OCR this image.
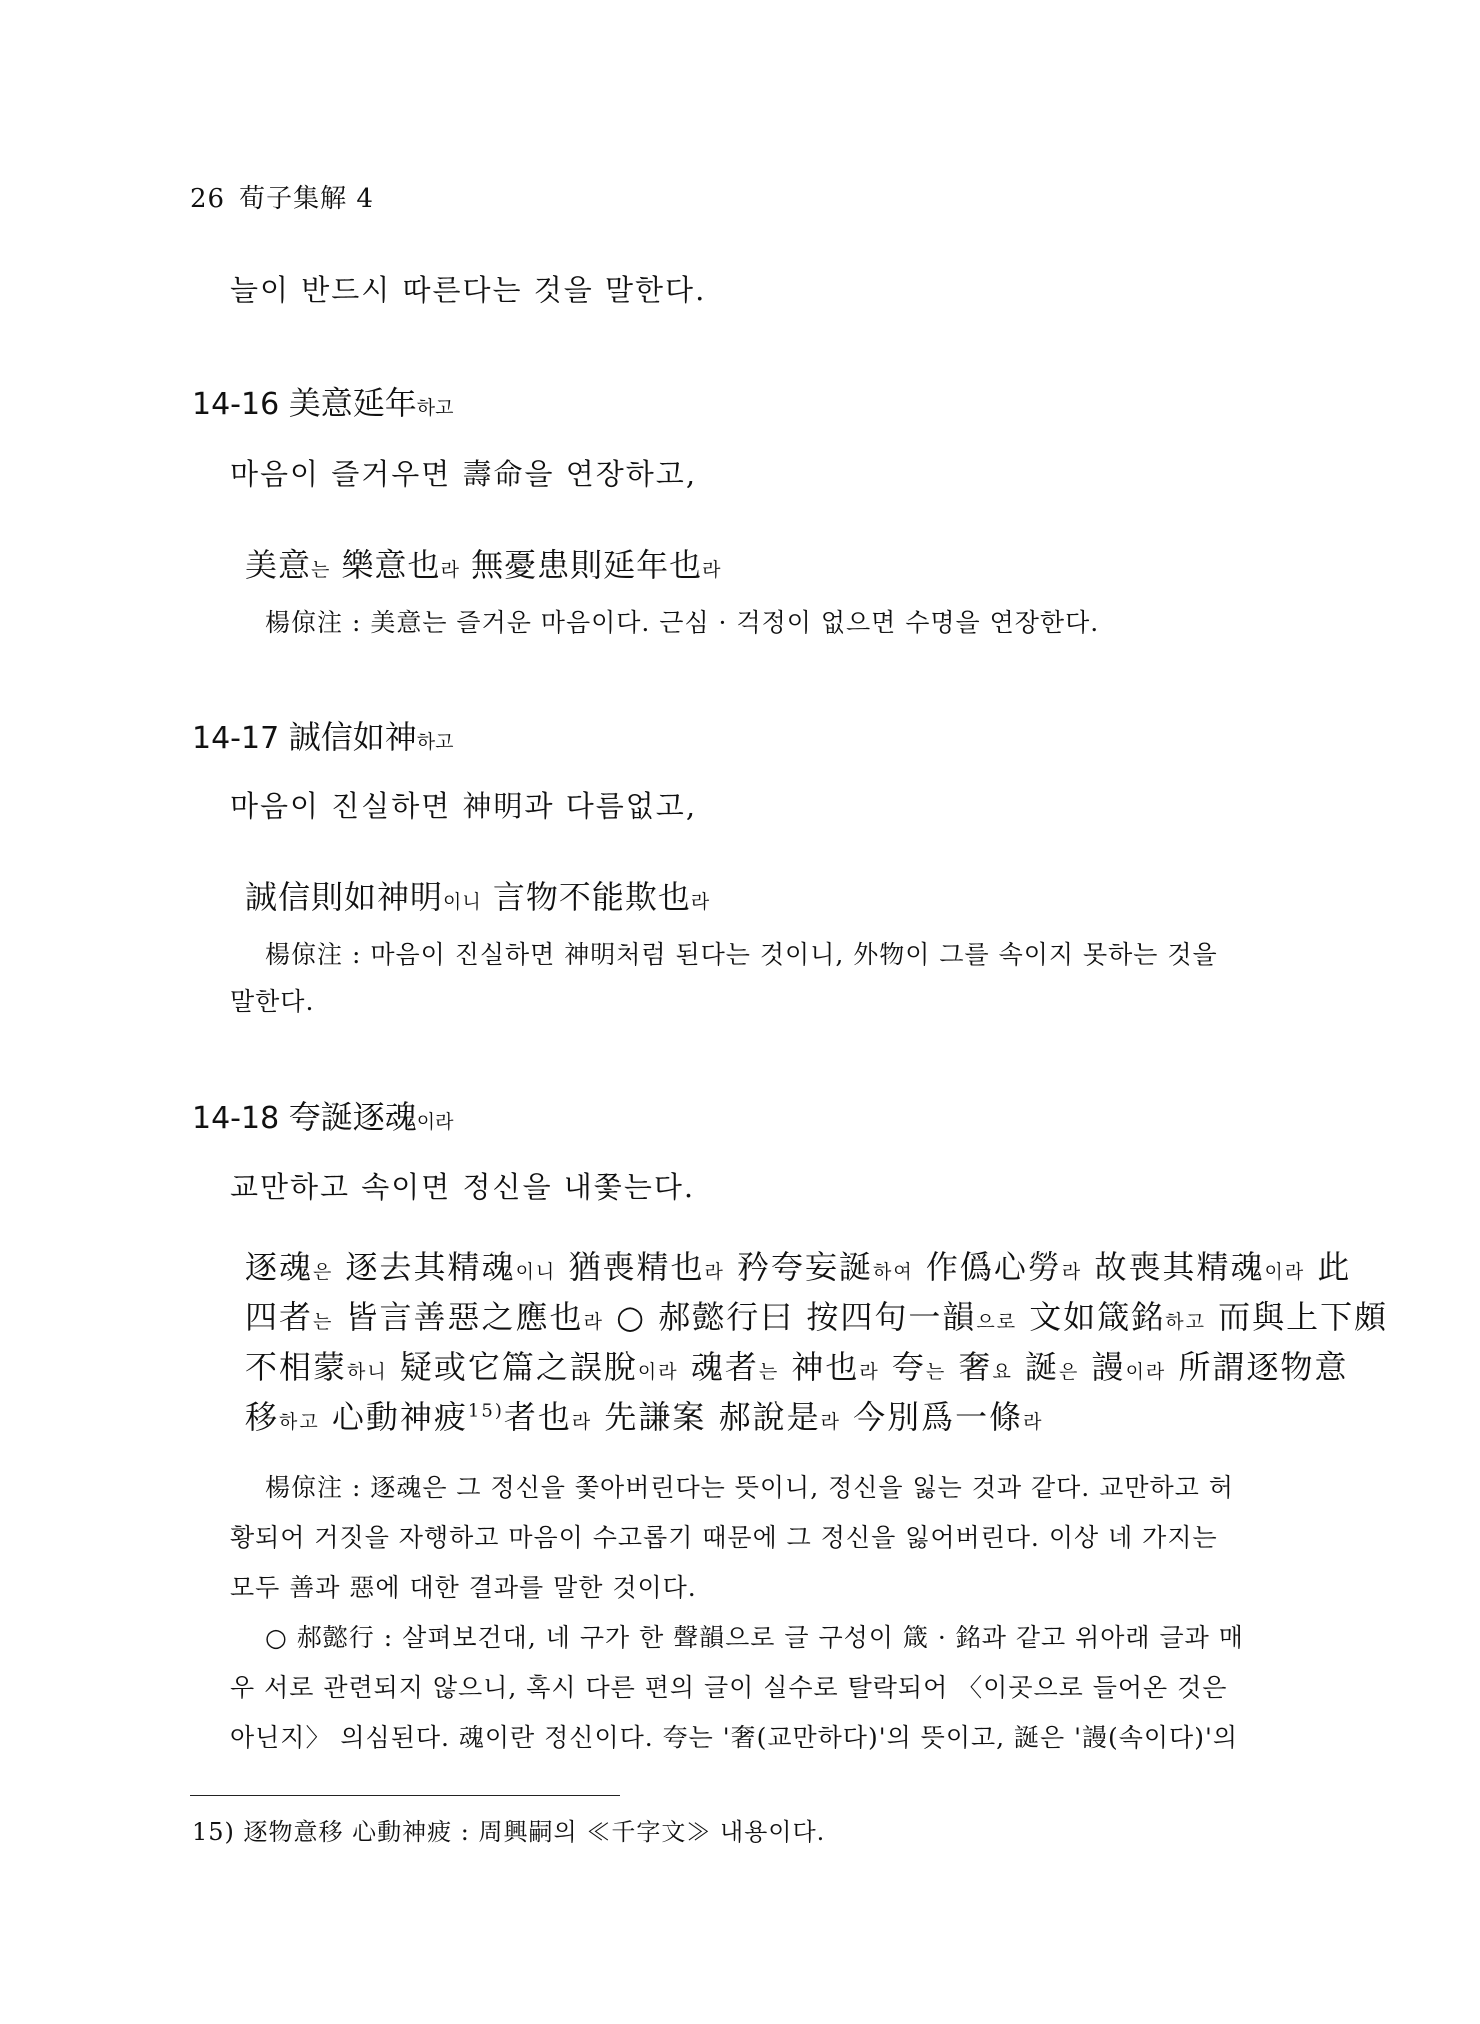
26 荀子集解 4
늘이 반드시 따른다는 것을 말한다.
14-16 美意延年하고
마음이 즐거우면 壽命을 연장하고,
美意는 樂意也라 無憂患則延年也라
楊倞注 : 美意는 즐거운 마음이다. 근심 · 걱정이 없으면 수명을 연장한다.
14-17 誠信如神하고
마음이 진실하면 神明과 다름없고,
誠信則如神明이니 言物不能欺也라
楊倞注 : 마음이 진실하면 神明처럼 된다는 것이니, 外物이 그를 속이지 못하는 것을
말한다.
14-18 夸誕逐魂이라
교만하고 속이면 정신을 내쫓는다.
逐魂은 逐去其精魂이니 猶喪精也라 矜夸妄誕하여 作僞心勞라 故喪其精魂이라 此
四者는 皆言善惡之應也라 ○ 郝懿行曰 按四句一韻으로 文如箴銘하고 而與上下頗
不相蒙하니 疑或它篇之誤脫이라 魂者는 神也라 夸는 奢요 誕은 謾이라 所謂逐物意
移하고 心動神疲$^{15)}$者也라 先謙案 郝說是라 今別爲一條라
楊倞注 : 逐魂은 그 정신을 쫓아버린다는 뜻이니, 정신을 잃는 것과 같다. 교만하고 허
황되어 거짓을 자행하고 마음이 수고롭기 때문에 그 정신을 잃어버린다. 이상 네 가지는
모두 善과 惡에 대한 결과를 말한 것이다.
○ 郝懿行 : 살펴보건대, 네 구가 한 聲韻으로 글 구성이 箴 · 銘과 같고 위아래 글과 매
우 서로 관련되지 않으니, 혹시 다른 편의 글이 실수로 탈락되어 〈이곳으로 들어온 것은
아닌지〉 의심된다. 魂이란 정신이다. 夸는 '奢(교만하다)'의 뜻이고, 誕은 '謾(속이다)'의
15) 逐物意移 心動神疲 : 周興嗣의 ≪千字文≫ 내용이다.
